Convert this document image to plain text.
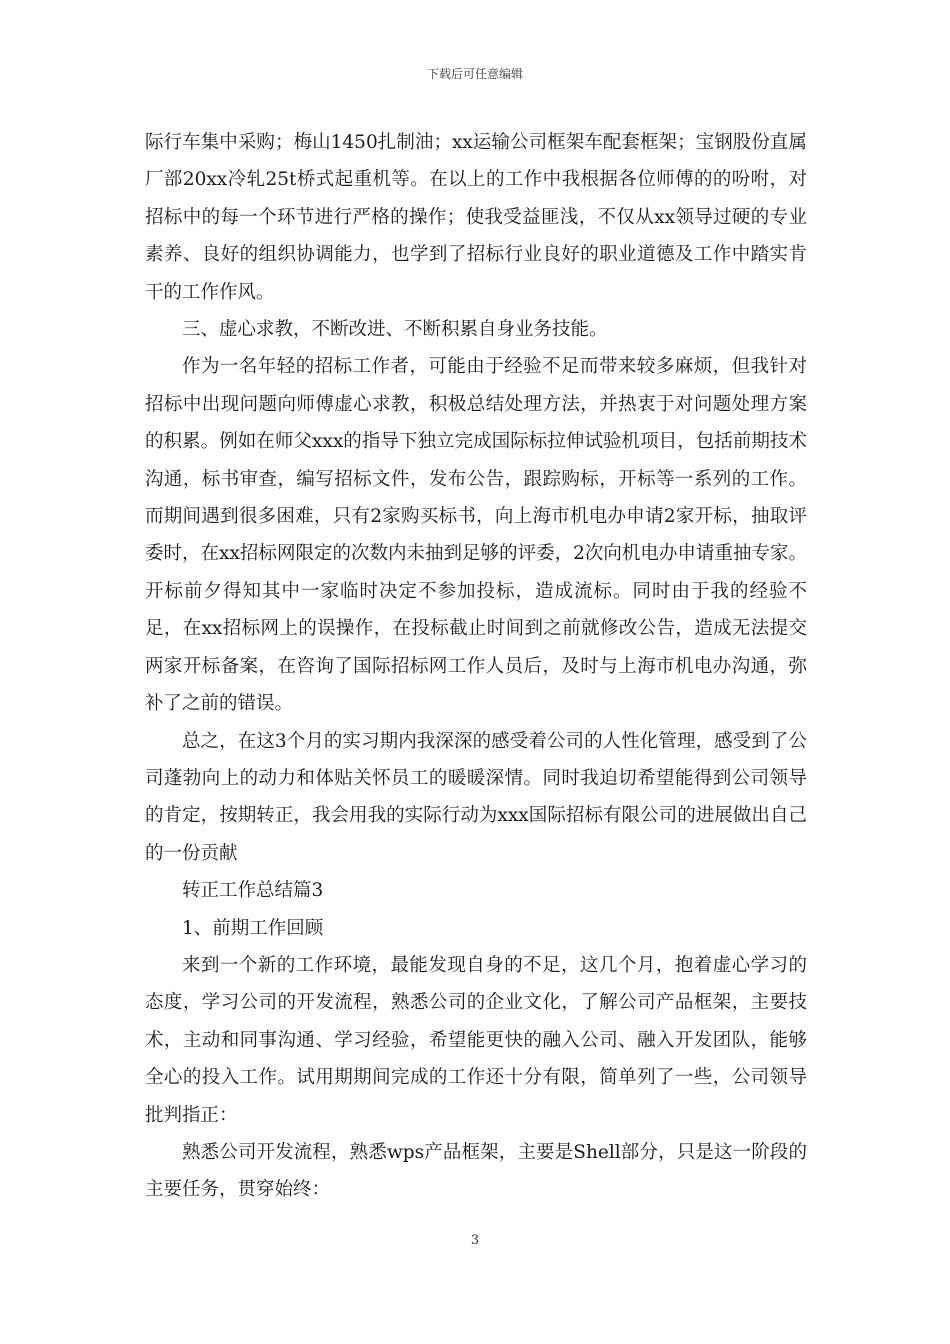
下载后可任意编辑

际行车集中采购；梅山1450扎制油；xx运输公司框架车配套框架；宝钢股份直属厂部20xx冷轧25t桥式起重机等。在以上的工作中我根据各位师傅的的吩咐，对招标中的每一个环节进行严格的操作；使我受益匪浅，不仅从xx领导过硬的专业素养、良好的组织协调能力，也学到了招标行业良好的职业道德及工作中踏实肯干的工作作风。

三、虚心求教，不断改进、不断积累自身业务技能。

作为一名年轻的招标工作者，可能由于经验不足而带来较多麻烦，但我针对招标中出现问题向师傅虚心求教，积极总结处理方法，并热衷于对问题处理方案的积累。例如在师父xxx的指导下独立完成国际标拉伸试验机项目，包括前期技术沟通，标书审查，编写招标文件，发布公告，跟踪购标，开标等一系列的工作。而期间遇到很多困难，只有2家购买标书，向上海市机电办申请2家开标，抽取评委时，在xx招标网限定的次数内未抽到足够的评委，2次向机电办申请重抽专家。开标前夕得知其中一家临时决定不参加投标，造成流标。同时由于我的经验不足，在xx招标网上的误操作，在投标截止时间到之前就修改公告，造成无法提交两家开标备案，在咨询了国际招标网工作人员后，及时与上海市机电办沟通，弥补了之前的错误。

总之，在这3个月的实习期内我深深的感受着公司的人性化管理，感受到了公司蓬勃向上的动力和体贴关怀员工的暖暖深情。同时我迫切希望能得到公司领导的肯定，按期转正，我会用我的实际行动为xxx国际招标有限公司的进展做出自己的一份贡献

转正工作总结篇3

1、前期工作回顾

来到一个新的工作环境，最能发现自身的不足，这几个月，抱着虚心学习的态度，学习公司的开发流程，熟悉公司的企业文化，了解公司产品框架，主要技术，主动和同事沟通、学习经验，希望能更快的融入公司、融入开发团队，能够全心的投入工作。试用期期间完成的工作还十分有限，简单列了一些，公司领导批判指正：

熟悉公司开发流程，熟悉wps产品框架，主要是Shell部分，只是这一阶段的主要任务，贯穿始终：

3
